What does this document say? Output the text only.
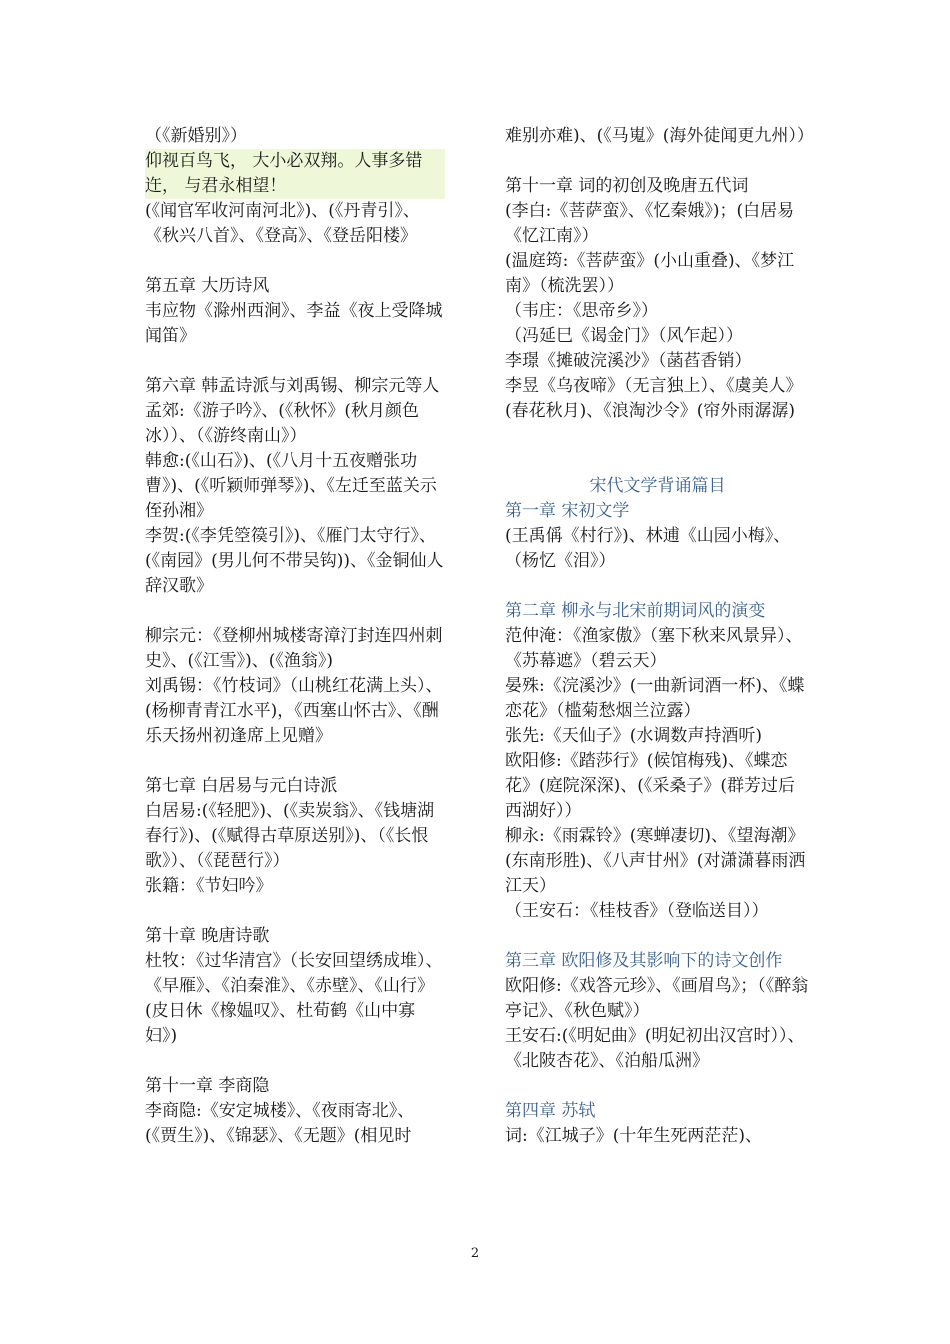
（《新婚别》）
仰视百鸟飞， 大小必双翔。人事多错迕， 与君永相望！
(《闻官军收河南河北》)、(《丹青引》、《秋兴八首》、《登高》、《登岳阳楼》
第五章 大历诗风
韦应物《滁州西涧》、李益《夜上受降城闻笛》
第六章 韩孟诗派与刘禹锡、柳宗元等人
孟郊:《游子吟》、(《秋怀》(秋月颜色冰））、（《游终南山》）
韩愈:(《山石》)、(《八月十五夜赠张功曹》)、(《听颖师弹琴》)、《左迁至蓝关示侄孙湘》
李贺:(《李凭箜篌引》)、《雁门太守行》、(《南园》(男儿何不带吴钩))、《金铜仙人辞汉歌》
柳宗元：《登柳州城楼寄漳汀封连四州刺史》、(《江雪》)、(《渔翁》)
刘禹锡：《竹枝词》（山桃红花满上头）、(杨柳青青江水平)，《西塞山怀古》、《酬乐天扬州初逢席上见赠》
第七章 白居易与元白诗派
白居易:(《轻肥》)、(《卖炭翁》、《钱塘湖春行》)、(《赋得古草原送别》)、（《长恨歌》）、（《琵琶行》）
张籍：《节妇吟》
第十章 晚唐诗歌
杜牧：《过华清宫》（长安回望绣成堆）、《早雁》、《泊秦淮》、《赤壁》、《山行》
(皮日休《橡媪叹》、杜荀鹤《山中寡妇》)
第十一章 李商隐
李商隐:《安定城楼》、《夜雨寄北》、(《贾生》)、《锦瑟》、《无题》(相见时
难别亦难)、(《马嵬》(海外徒闻更九州））
第十一章 词的初创及晚唐五代词
(李白:《菩萨蛮》、《忆秦娥》)；(白居易《忆江南》）
(温庭筠:《菩萨蛮》(小山重叠)、《梦江南》（梳洗罢））
（韦庄：《思帝乡》）
（冯延巳《谒金门》（风乍起））
李璟《摊破浣溪沙》（菡萏香销）
李昱《乌夜啼》（无言独上）、《虞美人》(春花秋月)、《浪淘沙令》(帘外雨潺潺)
宋代文学背诵篇目
第一章 宋初文学
(王禹偁《村行》)、林逋《山园小梅》、（杨忆《泪》）
第二章 柳永与北宋前期词风的演变
范仲淹：《渔家傲》（塞下秋来风景异）、《苏幕遮》（碧云天）
晏殊:《浣溪沙》(一曲新词酒一杯)、《蝶恋花》（槛菊愁烟兰泣露）
张先:《天仙子》(水调数声持酒听)
欧阳修:《踏莎行》(候馆梅残)、《蝶恋花》(庭院深深)、(《采桑子》(群芳过后西湖好））
柳永:《雨霖铃》(寒蝉凄切)、《望海潮》(东南形胜)、《八声甘州》(对潇潇暮雨洒江天）
（王安石：《桂枝香》（登临送目））
第三章 欧阳修及其影响下的诗文创作
欧阳修:《戏答元珍》、《画眉鸟》；（《醉翁亭记》、《秋色赋》）
王安石:(《明妃曲》(明妃初出汉宫时））、《北陂杏花》、《泊船瓜洲》
第四章 苏轼
词:《江城子》(十年生死两茫茫)、
2
